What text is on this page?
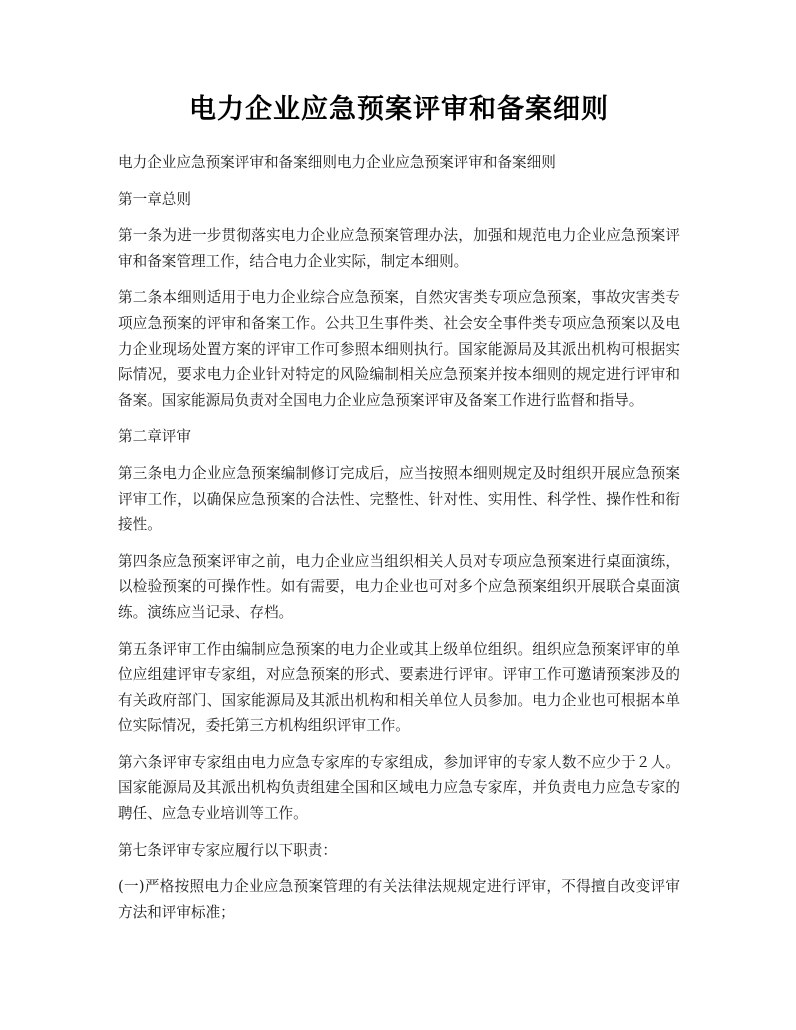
电力企业应急预案评审和备案细则

电力企业应急预案评审和备案细则电力企业应急预案评审和备案细则

第一章总则

第一条为进一步贯彻落实电力企业应急预案管理办法，加强和规范电力企业应急预案评审和备案管理工作，结合电力企业实际，制定本细则。

第二条本细则适用于电力企业综合应急预案，自然灾害类专项应急预案，事故灾害类专项应急预案的评审和备案工作。公共卫生事件类、社会安全事件类专项应急预案以及电力企业现场处置方案的评审工作可参照本细则执行。国家能源局及其派出机构可根据实际情况，要求电力企业针对特定的风险编制相关应急预案并按本细则的规定进行评审和备案。国家能源局负责对全国电力企业应急预案评审及备案工作进行监督和指导。

第二章评审

第三条电力企业应急预案编制修订完成后，应当按照本细则规定及时组织开展应急预案评审工作，以确保应急预案的合法性、完整性、针对性、实用性、科学性、操作性和衔接性。

第四条应急预案评审之前，电力企业应当组织相关人员对专项应急预案进行桌面演练，以检验预案的可操作性。如有需要，电力企业也可对多个应急预案组织开展联合桌面演练。演练应当记录、存档。

第五条评审工作由编制应急预案的电力企业或其上级单位组织。组织应急预案评审的单位应组建评审专家组，对应急预案的形式、要素进行评审。评审工作可邀请预案涉及的有关政府部门、国家能源局及其派出机构和相关单位人员参加。电力企业也可根据本单位实际情况，委托第三方机构组织评审工作。

第六条评审专家组由电力应急专家库的专家组成，参加评审的专家人数不应少于２人。国家能源局及其派出机构负责组建全国和区域电力应急专家库，并负责电力应急专家的聘任、应急专业培训等工作。

第七条评审专家应履行以下职责：

(一)严格按照电力企业应急预案管理的有关法律法规规定进行评审，不得擅自改变评审方法和评审标准；
